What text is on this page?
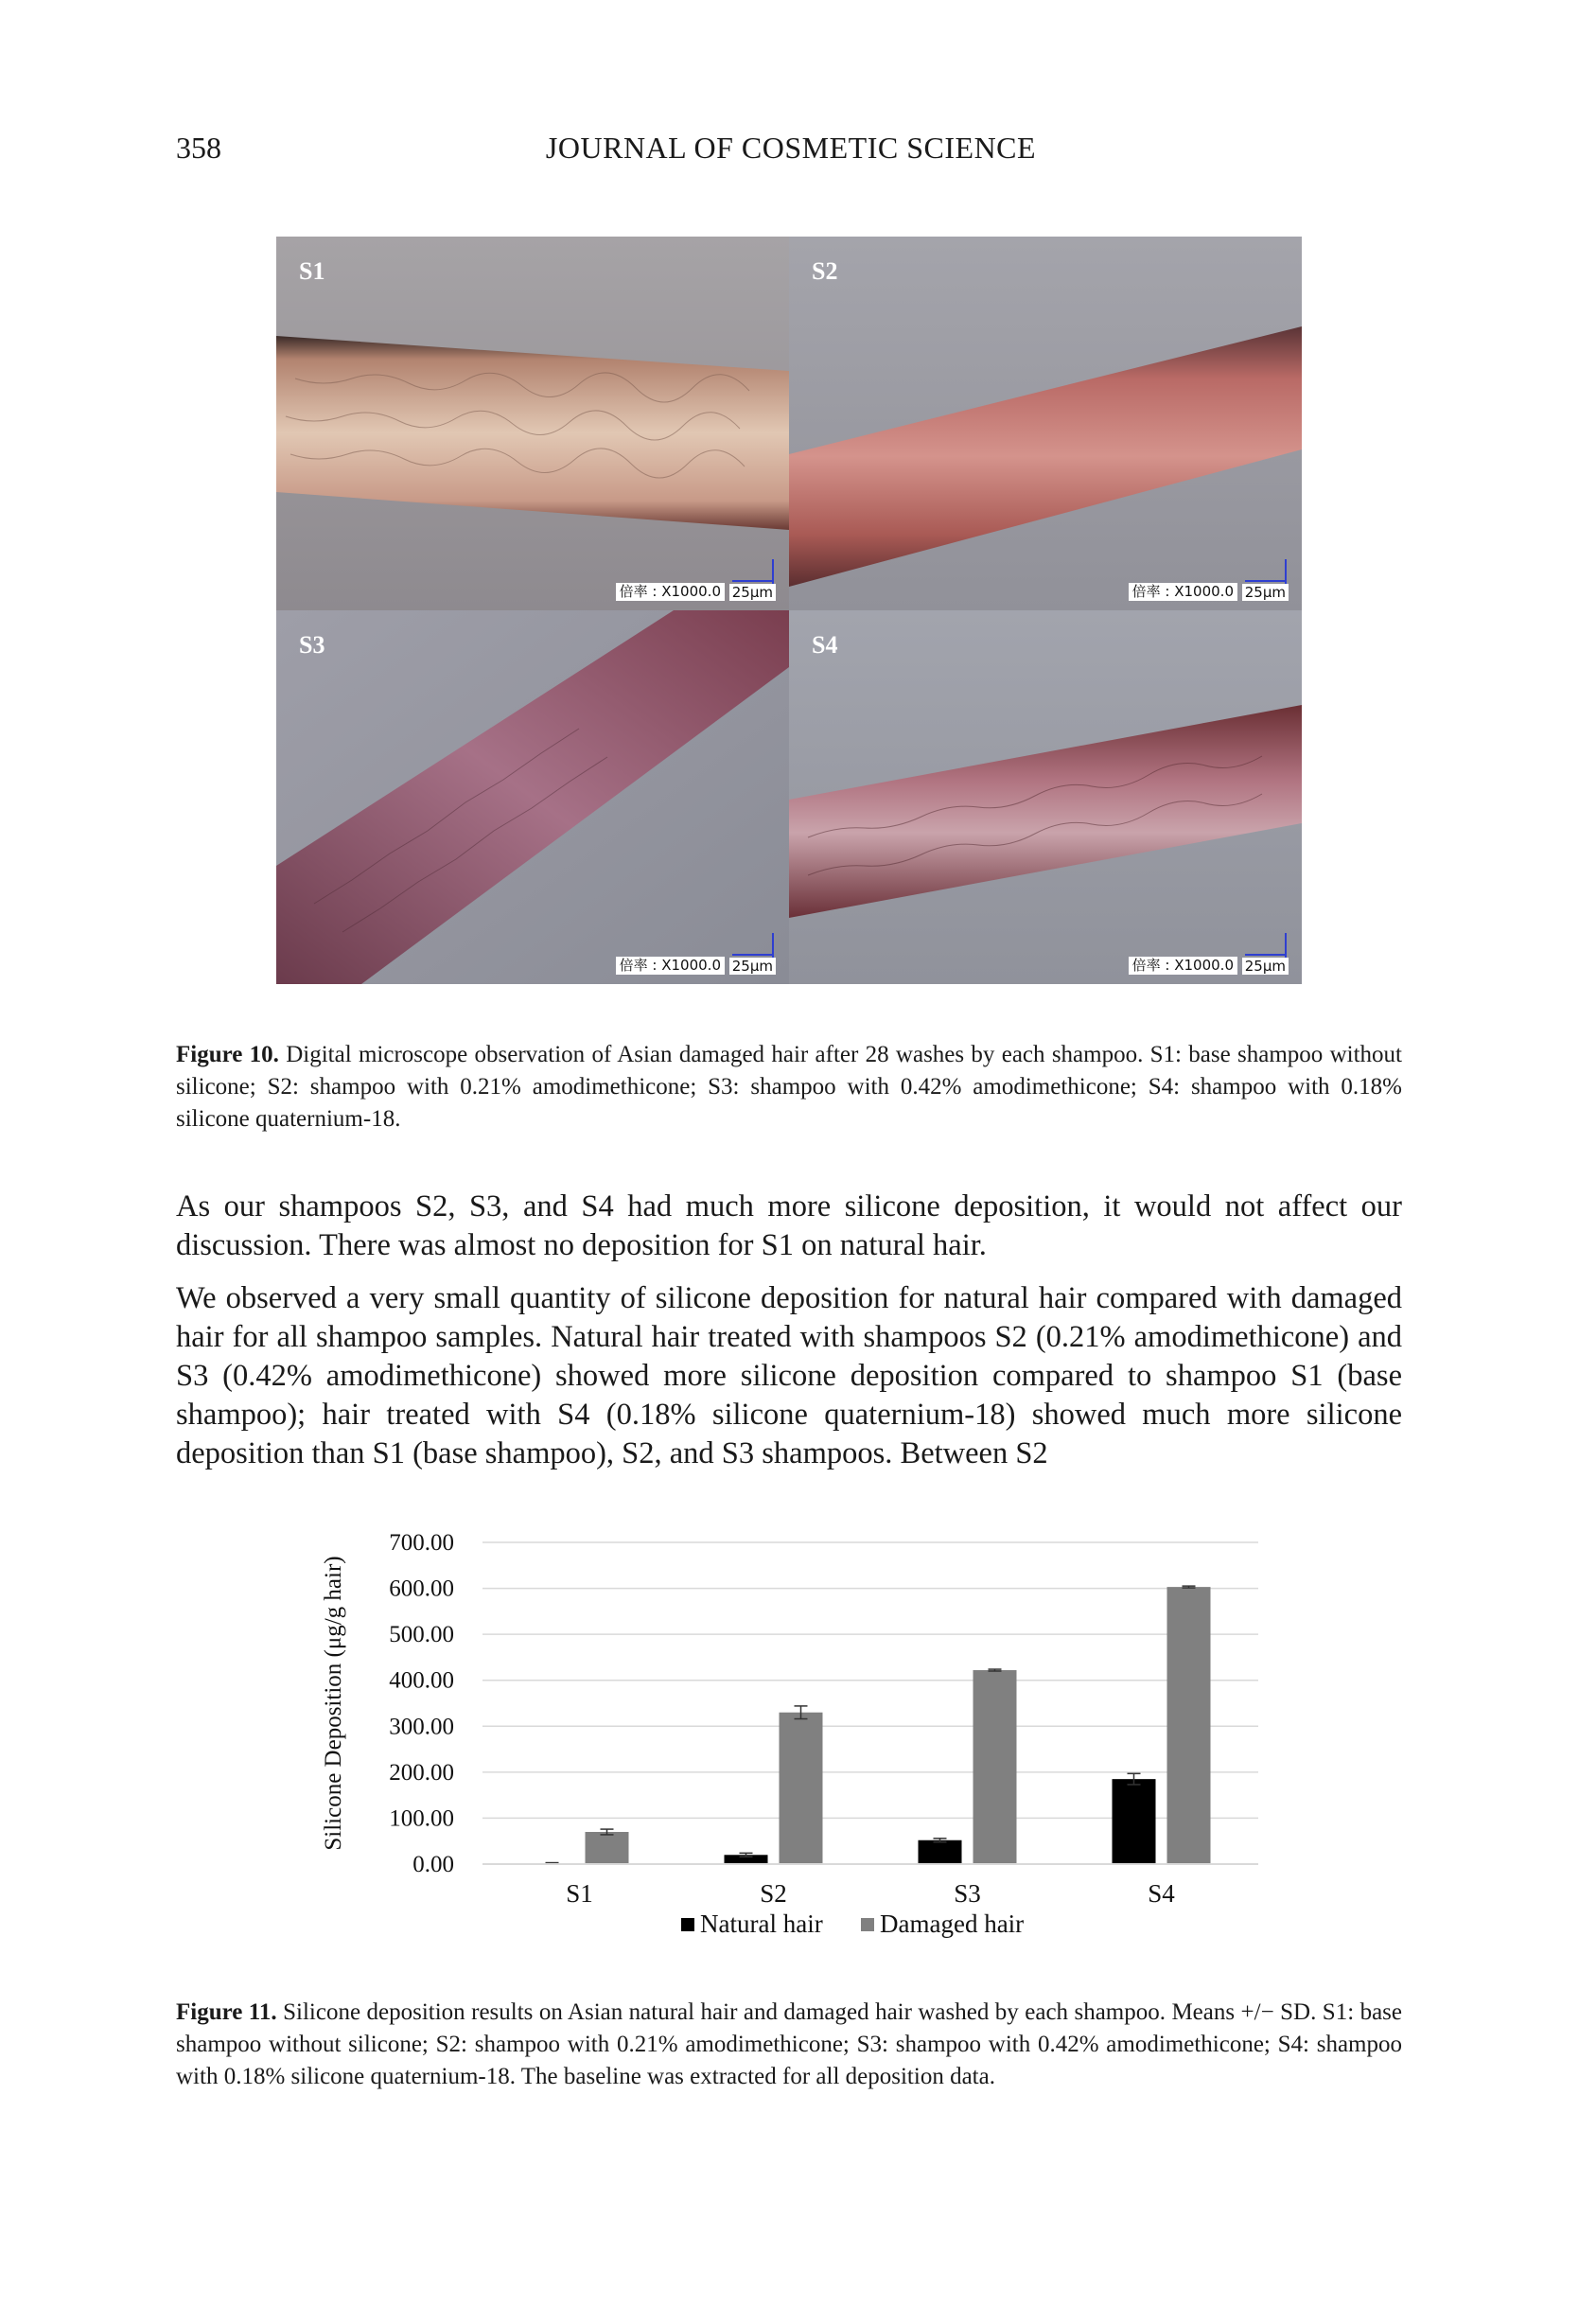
358	JOURNAL OF COSMETIC SCIENCE
S1
倍率 : X1000.0 25μm
S2
倍率 : X1000.0 25μm
S3
倍率 : X1000.0 25μm
S4
倍率 : X1000.0 25μm
Figure 10. Digital microscope observation of Asian damaged hair after 28 washes by each shampoo. S1: base shampoo without silicone; S2: shampoo with 0.21% amodimethicone; S3: shampoo with 0.42% amodimethicone; S4: shampoo with 0.18% silicone quaternium-18.

As our shampoos S2, S3, and S4 had much more silicone deposition, it would not affect our discussion. There was almost no deposition for S1 on natural hair.

We observed a very small quantity of silicone deposition for natural hair compared with damaged hair for all shampoo samples. Natural hair treated with shampoos S2 (0.21% amodimethicone) and S3 (0.42% amodimethicone) showed more silicone deposition compared to shampoo S1 (base shampoo); hair treated with S4 (0.18% silicone quaternium-18) showed much more silicone deposition than S1 (base shampoo), S2, and S3 shampoos. Between S2

0.00
100.00
200.00
300.00
400.00
500.00
600.00
700.00
Silicone Deposition (μg/g hair)
S1	S2	S3	S4
Natural hair Damaged hair
Figure 11. Silicone deposition results on Asian natural hair and damaged hair washed by each shampoo. Means +/− SD. S1: base shampoo without silicone; S2: shampoo with 0.21% amodimethicone; S3: shampoo with 0.42% amodimethicone; S4: shampoo with 0.18% silicone quaternium-18. The baseline was extracted for all deposition data.
